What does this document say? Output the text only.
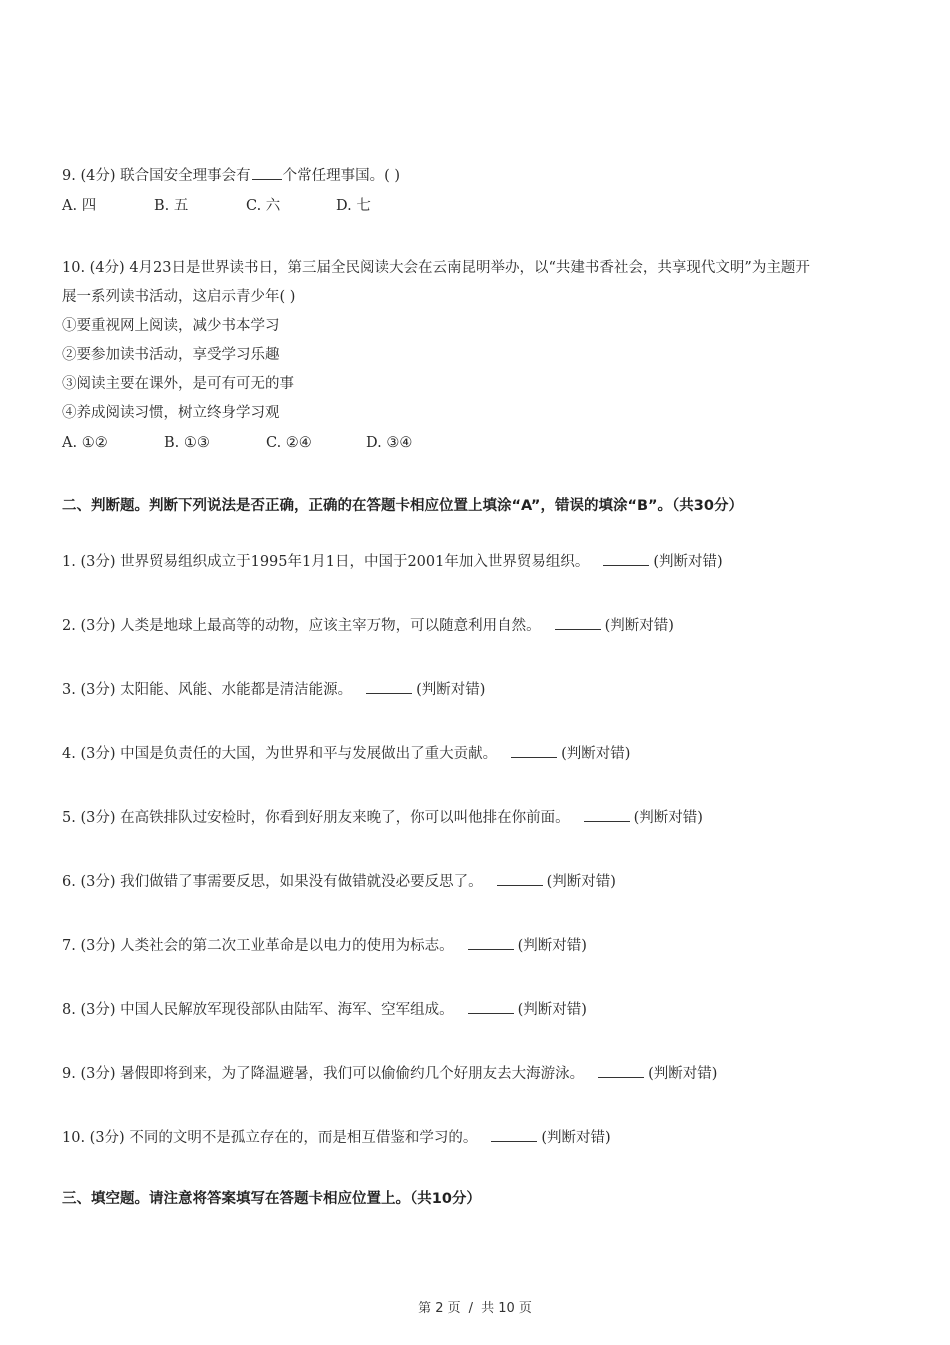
9. (4分) 联合国安全理事会有 个常任理事国。( )
A. 四	B. 五	C. 六	D. 七
10. (4分) 4月23日是世界读书日，第三届全民阅读大会在云南昆明举办，以“共建书香社会，共享现代文明”为主题开
展一系列读书活动，这启示青少年( )
①要重视网上阅读，减少书本学习
②要参加读书活动，享受学习乐趣
③阅读主要在课外，是可有可无的事
④养成阅读习惯，树立终身学习观
A. ①②	B. ①③	C. ②④	D. ③④
二、判断题。判断下列说法是否正确，正确的在答题卡相应位置上填涂“A”，错误的填涂“B”。（共30分）
1. (3分) 世界贸易组织成立于1995年1月1日，中国于2001年加入世界贸易组织。	(判断对错)
2. (3分) 人类是地球上最高等的动物，应该主宰万物，可以随意利用自然。	(判断对错)
3. (3分) 太阳能、风能、水能都是清洁能源。	(判断对错)
4. (3分) 中国是负责任的大国，为世界和平与发展做出了重大贡献。	(判断对错)
5. (3分) 在高铁排队过安检时，你看到好朋友来晚了，你可以叫他排在你前面。	(判断对错)
6. (3分) 我们做错了事需要反思，如果没有做错就没必要反思了。	(判断对错)
7. (3分) 人类社会的第二次工业革命是以电力的使用为标志。	(判断对错)
8. (3分) 中国人民解放军现役部队由陆军、海军、空军组成。	(判断对错)
9. (3分) 暑假即将到来，为了降温避暑，我们可以偷偷约几个好朋友去大海游泳。	(判断对错)
10. (3分) 不同的文明不是孤立存在的，而是相互借鉴和学习的。	(判断对错)
三、填空题。请注意将答案填写在答题卡相应位置上。（共10分）
第 2 页 / 共 10 页
